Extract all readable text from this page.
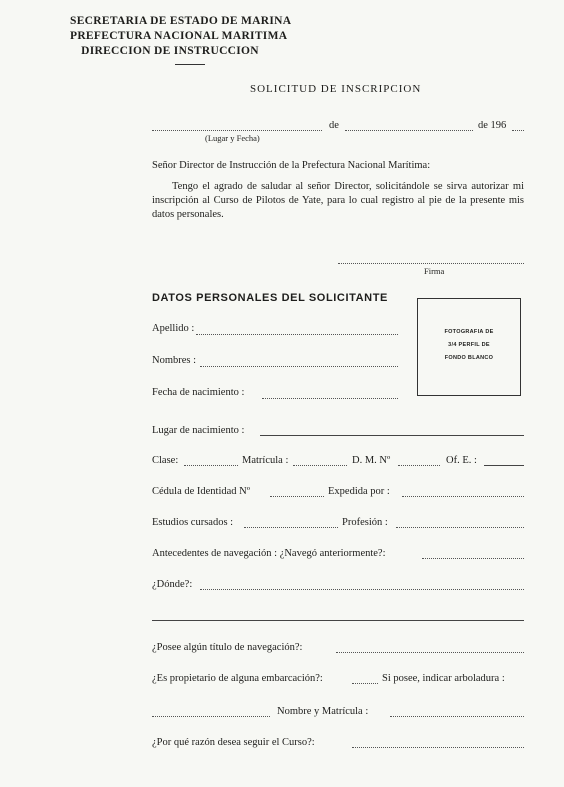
SECRETARIA DE ESTADO DE MARINA
PREFECTURA NACIONAL MARITIMA
DIRECCION DE INSTRUCCION
SOLICITUD DE INSCRIPCION
de	de 196
(Lugar y Fecha)
Señor Director de Instrucción de la Prefectura Nacional Marítima:
Tengo el agrado de saludar al señor Director, solicitándole se sirva autorizar mi inscripción al Curso de Pilotos de Yate, para lo cual registro al pie de la presente mis datos personales.
Firma
DATOS PERSONALES DEL SOLICITANTE
FOTOGRAFIA DE
3/4 PERFIL DE
FONDO BLANCO
Apellido :
Nombres :
Fecha de nacimiento :
Lugar de nacimiento :
Clase:	Matrícula :	D. M. Nº	Of. E. :
Cédula de Identidad Nº	Expedida por :
Estudios cursados :	Profesión :
Antecedentes de navegación : ¿Navegó anteriormente?:
¿Dónde?:
¿Posee algún título de navegación?:
¿Es propietario de alguna embarcación?:	Si posee, indicar arboladura :
Nombre y Matrícula :
¿Por qué razón desea seguir el Curso?:
